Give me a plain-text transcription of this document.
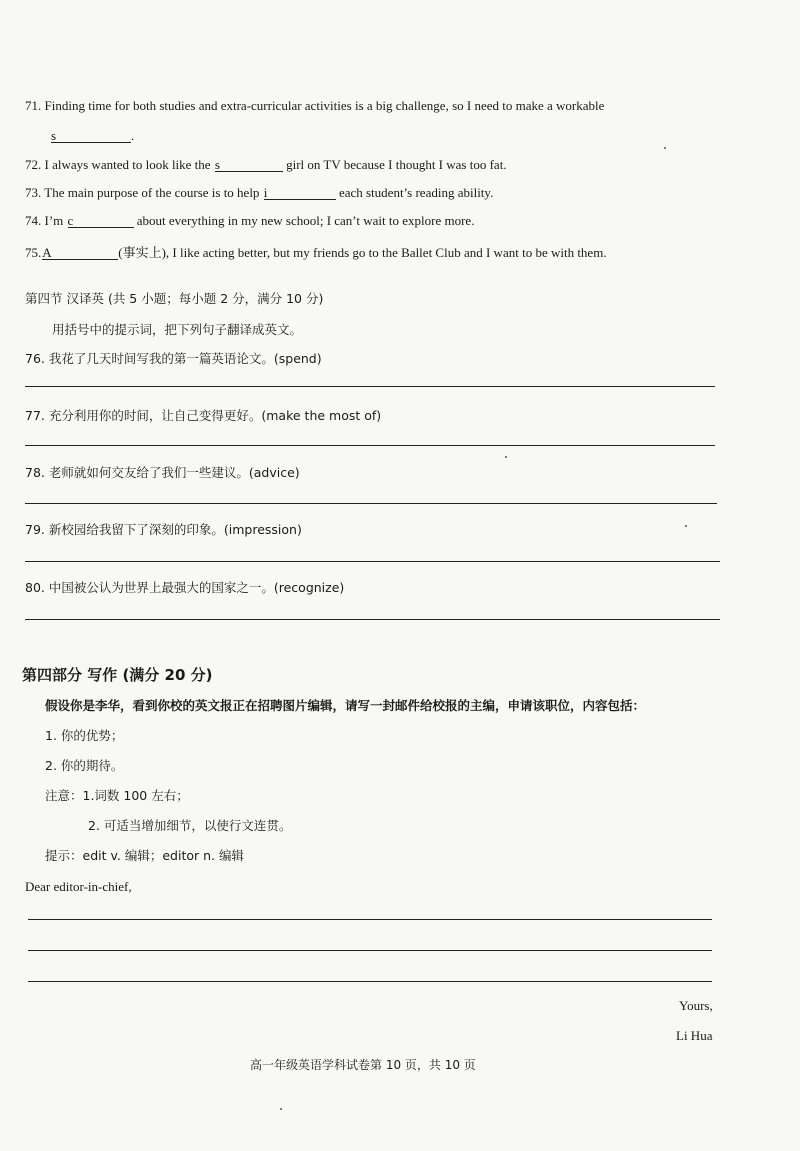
71. Finding time for both studies and extra-curricular activities is a big challenge, so I need to make a workable
s	.
72. I always wanted to look like the s	girl on TV because I thought I was too fat.
73. The main purpose of the course is to help i	each student’s reading ability.
74. I’m c	about everything in my new school; I can’t wait to explore more.
75.A	(事实上), I like acting better, but my friends go to the Ballet Club and I want to be with them.
第四节 汉译英 (共 5 小题；每小题 2 分，满分 10 分)
用括号中的提示词，把下列句子翻译成英文。
76. 我花了几天时间写我的第一篇英语论文。(spend)
77. 充分利用你的时间，让自己变得更好。(make the most of)
78. 老师就如何交友给了我们一些建议。(advice)
79. 新校园给我留下了深刻的印象。(impression)
80. 中国被公认为世界上最强大的国家之一。(recognize)
第四部分 写作 (满分 20 分)
假设你是李华，看到你校的英文报正在招聘图片编辑，请写一封邮件给校报的主编，申请该职位，内容包括：
1. 你的优势；
2. 你的期待。
注意：1.词数 100 左右；
2. 可适当增加细节，以使行文连贯。
提示：edit v. 编辑；editor n. 编辑
Dear editor-in-chief,
Yours,
Li Hua
高一年级英语学科试卷第 10 页，共 10 页
